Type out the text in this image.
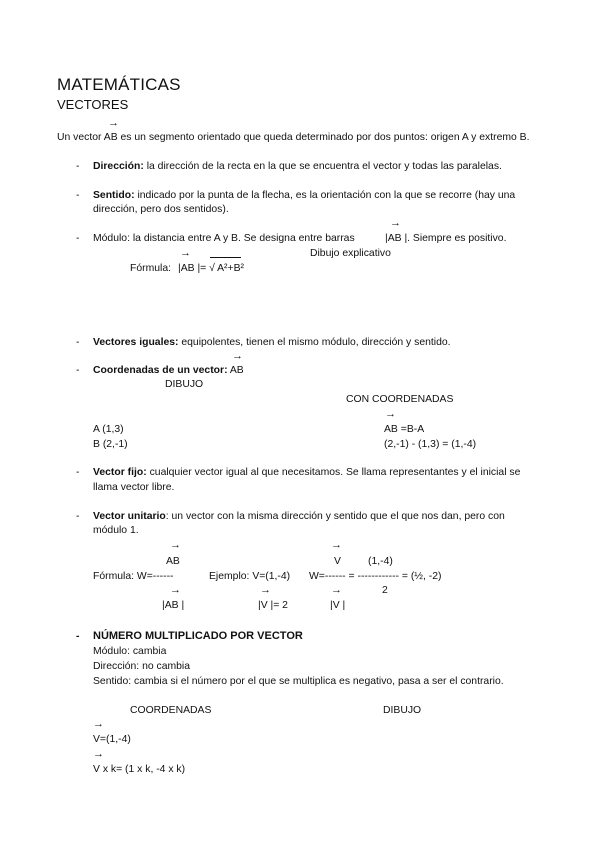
MATEMÁTICAS
VECTORES
→
Un vector AB es un segmento orientado que queda determinado por dos puntos: origen A y extremo B.
- Dirección: la dirección de la recta en la que se encuentra el vector y todas las paralelas.
- Sentido: indicado por la punta de la flecha, es la orientación con la que se recorre (hay una
dirección, pero dos sentidos).
→
- Módulo: la distancia entre A y B. Se designa entre barras	|AB |. Siempre es positivo.
→	Dibujo explicativo
Fórmula: |AB |= √ A²+B²
- Vectores iguales: equipolentes, tienen el mismo módulo, dirección y sentido.
→
- Coordenadas de un vector: AB
DIBUJO
CON COORDENADAS
→
A (1,3)	AB =B-A
B (2,-1)	(2,-1) - (1,3) = (1,-4)
- Vector fijo: cualquier vector igual al que necesitamos. Se llama representantes y el inicial se
llama vector libre.
- Vector unitario: un vector con la misma dirección y sentido que el que nos dan, pero con
módulo 1.
→	→
AB	V	(1,-4)
Fórmula: W=------	Ejemplo: V=(1,-4) W=------ = ------------ = (½, -2)
→	→	→	2
|AB |	|V |= 2	|V |
- NÚMERO MULTIPLICADO POR VECTOR
Módulo: cambia
Dirección: no cambia
Sentido: cambia si el número por el que se multiplica es negativo, pasa a ser el contrario.
COORDENADAS	DIBUJO
→
V=(1,-4)
→
V x k= (1 x k, -4 x k)
